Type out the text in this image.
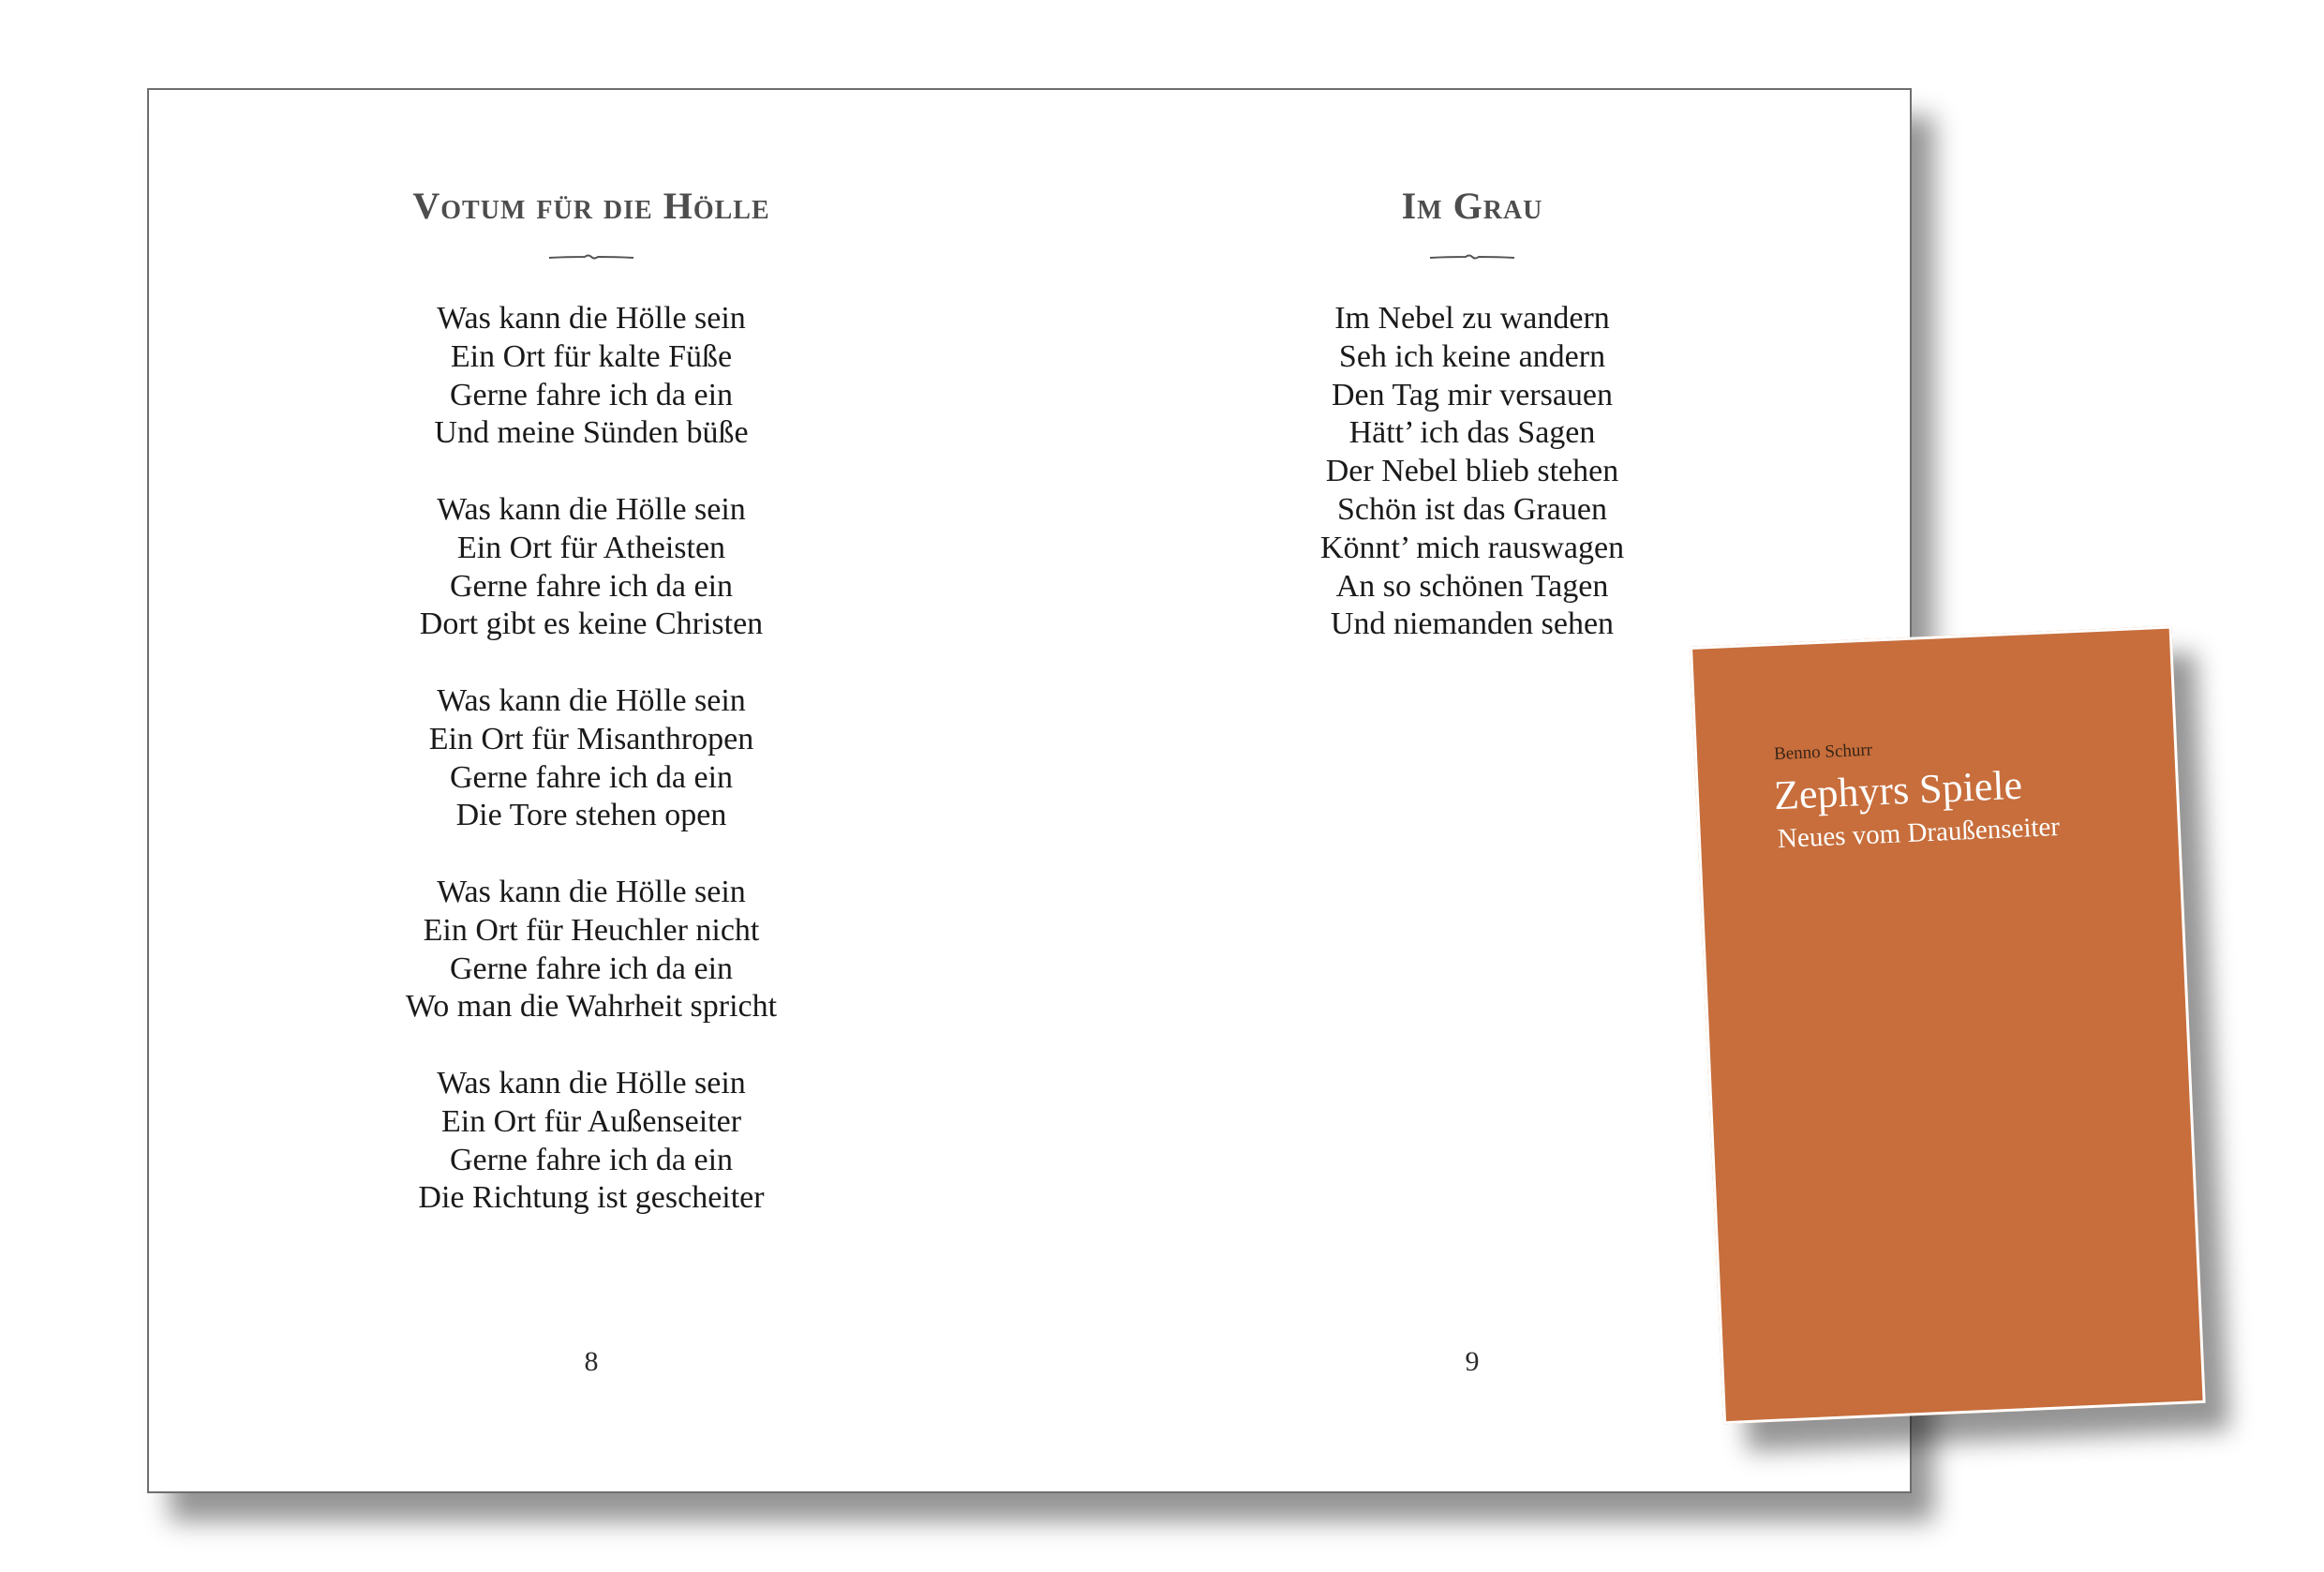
Votum für die Hölle
Was kann die Hölle sein
Ein Ort für kalte Füße
Gerne fahre ich da ein
Und meine Sünden büße
Was kann die Hölle sein
Ein Ort für Atheisten
Gerne fahre ich da ein
Dort gibt es keine Christen
Was kann die Hölle sein
Ein Ort für Misanthropen
Gerne fahre ich da ein
Die Tore stehen open
Was kann die Hölle sein
Ein Ort für Heuchler nicht
Gerne fahre ich da ein
Wo man die Wahrheit spricht
Was kann die Hölle sein
Ein Ort für Außenseiter
Gerne fahre ich da ein
Die Richtung ist gescheiter
8
Im Grau
Im Nebel zu wandern
Seh ich keine andern
Den Tag mir versauen
Hätt’ ich das Sagen
Der Nebel blieb stehen
Schön ist das Grauen
Könnt’ mich rauswagen
An so schönen Tagen
Und niemanden sehen
9
Benno Schurr
Zephyrs Spiele
Neues vom Draußenseiter
